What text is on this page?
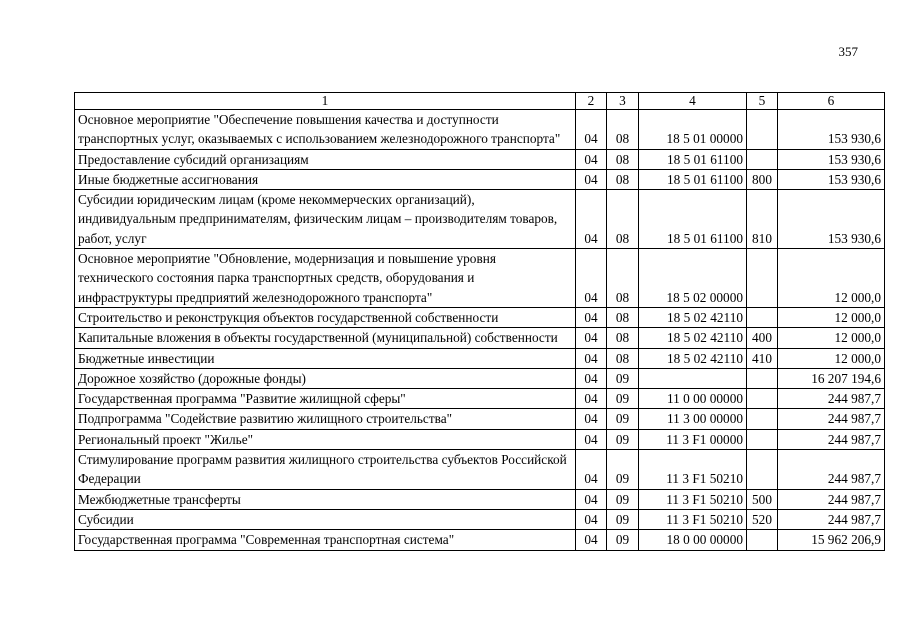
357
1	2	3	4	5	6
Основное мероприятие "Обеспечение повышения качества и доступности транспортных услуг, оказываемых с использованием железнодорожного транспорта"	04	08	18 5 01 00000		153 930,6
Предоставление субсидий организациям	04	08	18 5 01 61100		153 930,6
Иные бюджетные ассигнования	04	08	18 5 01 61100	800	153 930,6
Субсидии юридическим лицам (кроме некоммерческих организаций), индивидуальным предпринимателям, физическим лицам – производителям товаров, работ, услуг	04	08	18 5 01 61100	810	153 930,6
Основное мероприятие "Обновление, модернизация и повышение уровня технического состояния парка транспортных средств, оборудования и инфраструктуры предприятий железнодорожного транспорта"	04	08	18 5 02 00000		12 000,0
Строительство и реконструкция объектов государственной собственности	04	08	18 5 02 42110		12 000,0
Капитальные вложения в объекты государственной (муниципальной) собственности	04	08	18 5 02 42110	400	12 000,0
Бюджетные инвестиции	04	08	18 5 02 42110	410	12 000,0
Дорожное хозяйство (дорожные фонды)	04	09			16 207 194,6
Государственная программа "Развитие жилищной сферы"	04	09	11 0 00 00000		244 987,7
Подпрограмма "Содействие развитию жилищного строительства"	04	09	11 3 00 00000		244 987,7
Региональный проект "Жилье"	04	09	11 3 F1 00000		244 987,7
Стимулирование программ развития жилищного строительства субъектов Российской Федерации	04	09	11 3 F1 50210		244 987,7
Межбюджетные трансферты	04	09	11 3 F1 50210	500	244 987,7
Субсидии	04	09	11 3 F1 50210	520	244 987,7
Государственная программа "Современная транспортная система"	04	09	18 0 00 00000		15 962 206,9
